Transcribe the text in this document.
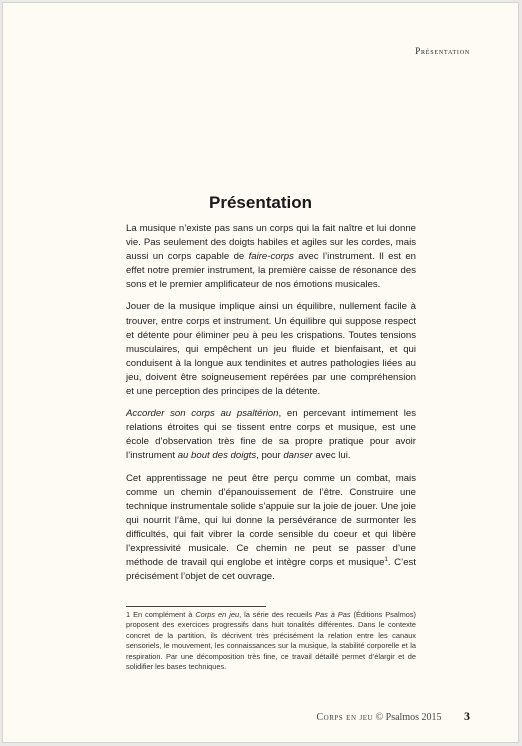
Présentation
Présentation

La musique n’existe pas sans un corps qui la fait naître et lui donne vie. Pas seulement des doigts habiles et agiles sur les cordes, mais aussi un corps capable de faire-corps avec l’instrument. Il est en effet notre premier instrument, la première caisse de résonance des sons et le premier amplificateur de nos émotions musicales.

Jouer de la musique implique ainsi un équilibre, nullement facile à trouver, entre corps et instrument. Un équilibre qui suppose respect et détente pour éliminer peu à peu les crispations. Toutes tensions musculaires, qui empêchent un jeu fluide et bienfaisant, et qui conduisent à la longue aux tendinites et autres pathologies liées au jeu, doivent être soigneusement repérées par une compréhension et une perception des principes de la détente.

Accorder son corps au psaltérion, en percevant intimement les relations étroites qui se tissent entre corps et musique, est une école d’observation très fine de sa propre pratique pour avoir l’instrument au bout des doigts, pour danser avec lui.

Cet apprentissage ne peut être perçu comme un combat, mais comme un chemin d’épanouissement de l’être. Construire une technique instrumentale solide s’appuie sur la joie de jouer. Une joie qui nourrit l’âme, qui lui donne la persévérance de surmonter les difficultés, qui fait vibrer la corde sensible du coeur et qui libère l’expressivité musicale. Ce chemin ne peut se passer d’une méthode de travail qui englobe et intègre corps et musique$^1$. C’est précisément l’objet de cet ouvrage.

1 En complément à Corps en jeu, la série des recueils Pas à Pas (Éditions Psalmos) proposent des exercices progressifs dans huit tonalités différentes. Dans le contexte concret de la partition, ils décrivent très précisément la relation entre les canaux sensoriels, le mouvement, les connaissances sur la musique, la stabilité corporelle et la respiration. Par une décomposition très fine, ce travail détaillé permet d’élargir et de solidifier les bases techniques.
Corps en jeu © Psalmos 2015 3
